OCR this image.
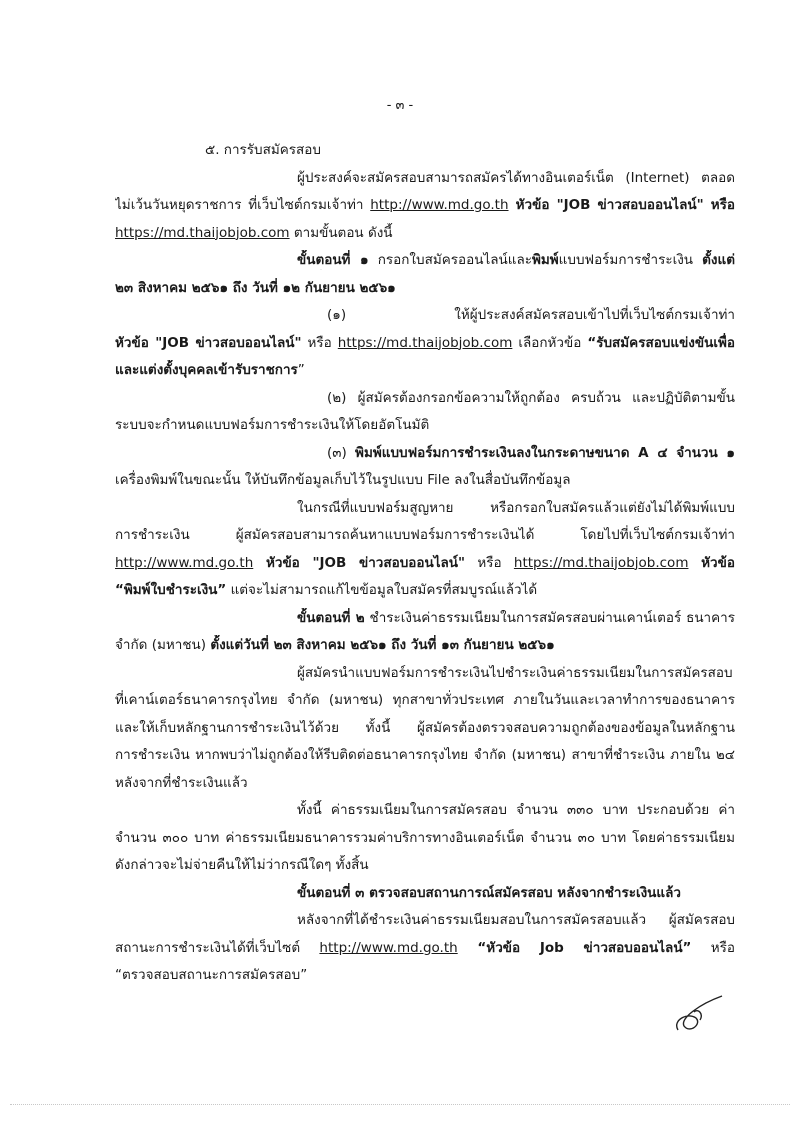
- ๓ -
๕. การรับสมัครสอบ
ผู้ประสงค์จะสมัครสอบสามารถสมัครได้ทางอินเตอร์เน็ต (Internet) ตลอด
ไม่เว้นวันหยุดราชการ ที่เว็บไซต์กรมเจ้าท่า http://www.md.go.th หัวข้อ "JOB ข่าวสอบออนไลน์" หรือ
https://md.thaijobjob.com ตามขั้นตอน ดังนี้
ขั้นตอนที่ ๑ กรอกใบสมัครออนไลน์และพิมพ์แบบฟอร์มการชำระเงิน ตั้งแต่
๒๓ สิงหาคม ๒๕๖๑ ถึง วันที่ ๑๒ กันยายน ๒๕๖๑
(๑) ให้ผู้ประสงค์สมัครสอบเข้าไปที่เว็บไซต์กรมเจ้าท่า
หัวข้อ "JOB ข่าวสอบออนไลน์" หรือ https://md.thaijobjob.com เลือกหัวข้อ “รับสมัครสอบแข่งขันเพื่อ
และแต่งตั้งบุคคลเข้ารับราชการ”
(๒) ผู้สมัครต้องกรอกข้อความให้ถูกต้อง ครบถ้วน และปฏิบัติตามขั้น
ระบบจะกำหนดแบบฟอร์มการชำระเงินให้โดยอัตโนมัติ
(๓) พิมพ์แบบฟอร์มการชำระเงินลงในกระดาษขนาด A ๔ จำนวน ๑
เครื่องพิมพ์ในขณะนั้น ให้บันทึกข้อมูลเก็บไว้ในรูปแบบ File ลงในสื่อบันทึกข้อมูล
ในกรณีที่แบบฟอร์มสูญหาย หรือกรอกใบสมัครแล้วแต่ยังไม่ได้พิมพ์แบบ
การชำระเงิน ผู้สมัครสอบสามารถค้นหาแบบฟอร์มการชำระเงินได้ โดยไปที่เว็บไซต์กรมเจ้าท่า
http://www.md.go.th หัวข้อ "JOB ข่าวสอบออนไลน์" หรือ https://md.thaijobjob.com หัวข้อ
“พิมพ์ใบชำระเงิน” แต่จะไม่สามารถแก้ไขข้อมูลใบสมัครที่สมบูรณ์แล้วได้
ขั้นตอนที่ ๒ ชำระเงินค่าธรรมเนียมในการสมัครสอบผ่านเคาน์เตอร์ ธนาคาร
จำกัด (มหาชน) ตั้งแต่วันที่ ๒๓ สิงหาคม ๒๕๖๑ ถึง วันที่ ๑๓ กันยายน ๒๕๖๑
ผู้สมัครนำแบบฟอร์มการชำระเงินไปชำระเงินค่าธรรมเนียมในการสมัครสอบ
ที่เคาน์เตอร์ธนาคารกรุงไทย จำกัด (มหาชน) ทุกสาขาทั่วประเทศ ภายในวันและเวลาทำการของธนาคาร
และให้เก็บหลักฐานการชำระเงินไว้ด้วย ทั้งนี้ ผู้สมัครต้องตรวจสอบความถูกต้องของข้อมูลในหลักฐาน
การชำระเงิน หากพบว่าไม่ถูกต้องให้รีบติดต่อธนาคารกรุงไทย จำกัด (มหาชน) สาขาที่ชำระเงิน ภายใน ๒๔
หลังจากที่ชำระเงินแล้ว
ทั้งนี้ ค่าธรรมเนียมในการสมัครสอบ จำนวน ๓๓๐ บาท ประกอบด้วย ค่า
จำนวน ๓๐๐ บาท ค่าธรรมเนียมธนาคารรวมค่าบริการทางอินเตอร์เน็ต จำนวน ๓๐ บาท โดยค่าธรรมเนียม
ดังกล่าวจะไม่จ่ายคืนให้ไม่ว่ากรณีใดๆ ทั้งสิ้น
ขั้นตอนที่ ๓ ตรวจสอบสถานการณ์สมัครสอบ หลังจากชำระเงินแล้ว
หลังจากที่ได้ชำระเงินค่าธรรมเนียมสอบในการสมัครสอบแล้ว ผู้สมัครสอบ
สถานะการชำระเงินได้ที่เว็บไซต์ http://www.md.go.th “หัวข้อ Job ข่าวสอบออนไลน์” หรือ
“ตรวจสอบสถานะการสมัครสอบ”
